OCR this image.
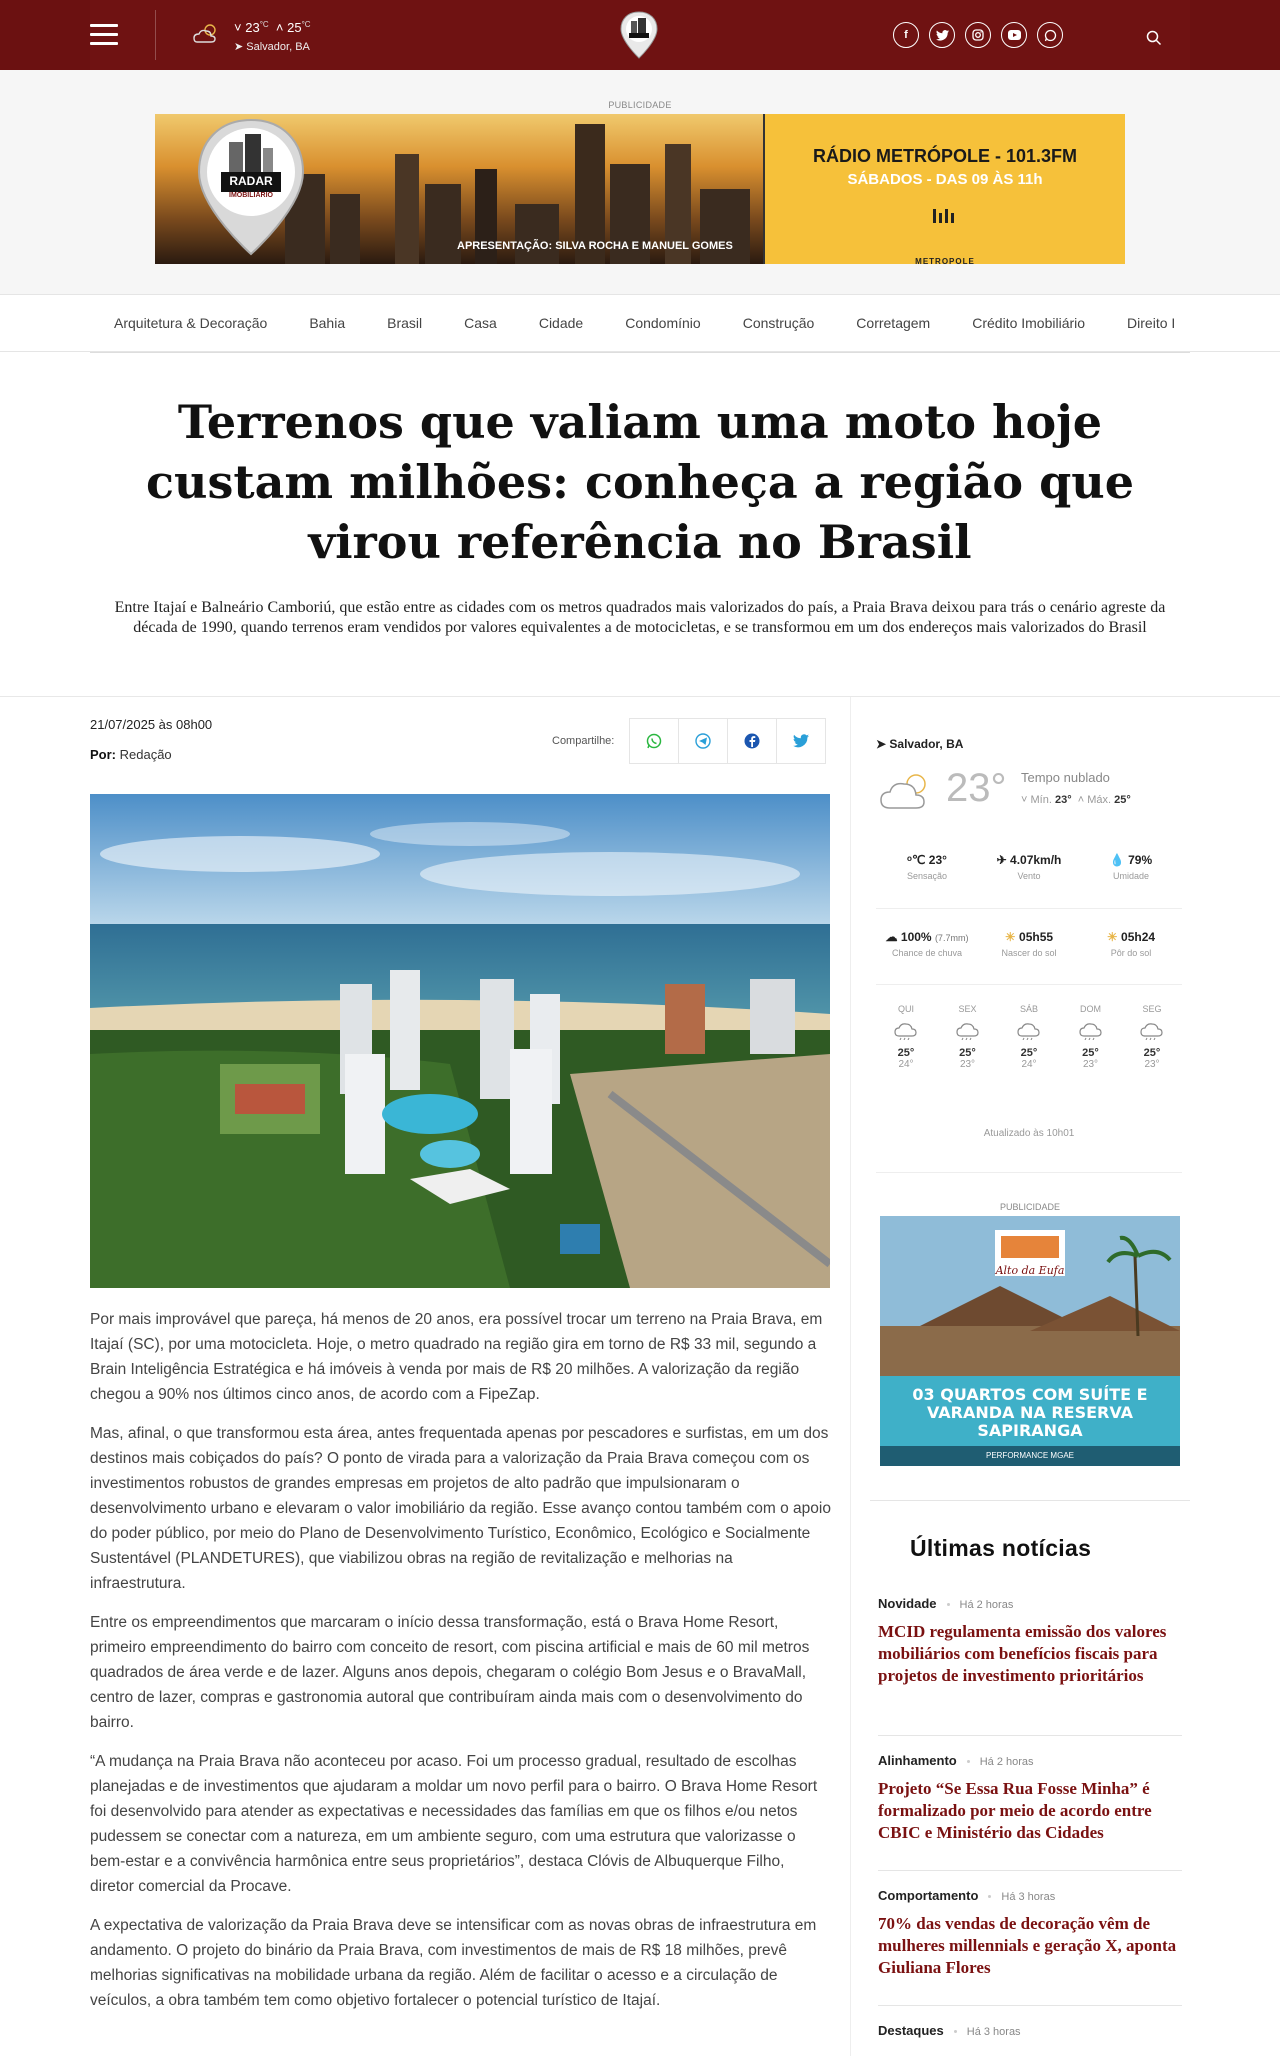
˅ $23^{^\circ C}$  ˄ $25^{^\circ C}$
➤ Salvador, BA
f
PUBLICIDADE
RADAR
IMOBILIÁRIO
APRESENTAÇÃO: SILVA ROCHA E MANUEL GOMES
RÁDIO METRÓPOLE - 101.3FM
SÁBADOS - DAS 09 ÀS 11h
METROPOLE
Arquitetura & Decoração	Bahia	Brasil	Casa	Cidade	Condomínio	Construção	Corretagem	Crédito Imobiliário	Direito I
Terrenos que valiam uma moto hoje custam milhões: conheça a região que virou referência no Brasil

Entre Itajaí e Balneário Camboriú, que estão entre as cidades com os metros quadrados mais valorizados do país, a Praia Brava deixou para trás o cenário agreste da década de 1990, quando terrenos eram vendidos por valores equivalentes a de motocicletas, e se transformou em um dos endereços mais valorizados do Brasil

21/07/2025 às 08h00
Por: Redação
Compartilhe:

Por mais improvável que pareça, há menos de 20 anos, era possível trocar um terreno na Praia Brava, em Itajaí (SC), por uma motocicleta. Hoje, o metro quadrado na região gira em torno de R$ 33 mil, segundo a Brain Inteligência Estratégica e há imóveis à venda por mais de R$ 20 milhões. A valorização da região chegou a 90% nos últimos cinco anos, de acordo com a FipeZap.

Mas, afinal, o que transformou esta área, antes frequentada apenas por pescadores e surfistas, em um dos destinos mais cobiçados do país? O ponto de virada para a valorização da Praia Brava começou com os investimentos robustos de grandes empresas em projetos de alto padrão que impulsionaram o desenvolvimento urbano e elevaram o valor imobiliário da região. Esse avanço contou também com o apoio do poder público, por meio do Plano de Desenvolvimento Turístico, Econômico, Ecológico e Socialmente Sustentável (PLANDETURES), que viabilizou obras na região de revitalização e melhorias na infraestrutura.

Entre os empreendimentos que marcaram o início dessa transformação, está o Brava Home Resort, primeiro empreendimento do bairro com conceito de resort, com piscina artificial e mais de 60 mil metros quadrados de área verde e de lazer. Alguns anos depois, chegaram o colégio Bom Jesus e o BravaMall, centro de lazer, compras e gastronomia autoral que contribuíram ainda mais com o desenvolvimento do bairro.

“A mudança na Praia Brava não aconteceu por acaso. Foi um processo gradual, resultado de escolhas planejadas e de investimentos que ajudaram a moldar um novo perfil para o bairro. O Brava Home Resort foi desenvolvido para atender as expectativas e necessidades das famílias em que os filhos e/ou netos pudessem se conectar com a natureza, em um ambiente seguro, com uma estrutura que valorizasse o bem-estar e a convivência harmônica entre seus proprietários”, destaca Clóvis de Albuquerque Filho, diretor comercial da Procave.

A expectativa de valorização da Praia Brava deve se intensificar com as novas obras de infraestrutura em andamento. O projeto do binário da Praia Brava, com investimentos de mais de R$ 18 milhões, prevê melhorias significativas na mobilidade urbana da região. Além de facilitar o acesso e a circulação de veículos, a obra também tem como objetivo fortalecer o potencial turístico de Itajaí.

➤ Salvador, BA
23° Tempo nublado
˅ Mín. 23°  ˄ Máx. 25°
ᵒ℃ 23°
Sensação
✈ 4.07km/h
Vento
💧 79%
Umidade
☁ 100% (7.7mm)
Chance de chuva
☀ 05h55
Nascer do sol
☀ 05h24
Pôr do sol
QUI
25°
24°
SEX
25°
23°
SÁB
25°
24°
DOM
25°
23°
SEG
25°
23°
Atualizado às 10h01
PUBLICIDADE
Alto da Eufa
PERFORMANCE MGAE
03 QUARTOS COM SUÍTE E VARANDA NA RESERVA SAPIRANGA
Últimas notícias
Novidade Há 2 horas
MCID regulamenta emissão dos valores mobiliários com benefícios fiscais para projetos de investimento prioritários
Alinhamento Há 2 horas
Projeto “Se Essa Rua Fosse Minha” é formalizado por meio de acordo entre CBIC e Ministério das Cidades
Comportamento Há 3 horas
70% das vendas de decoração vêm de mulheres millennials e geração X, aponta Giuliana Flores
Destaques Há 3 horas
